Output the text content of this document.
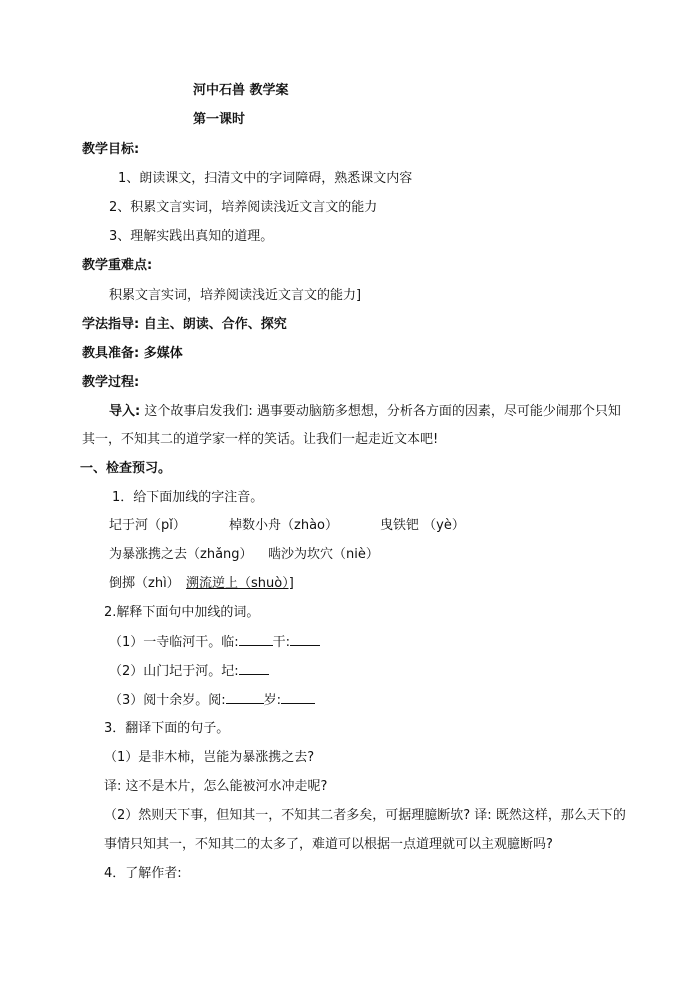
河中石兽 教学案
第一课时
教学目标:
1、朗读课文，扫清文中的字词障碍，熟悉课文内容
2、积累文言实词，培养阅读浅近文言文的能力
3、理解实践出真知的道理。
教学重难点:
积累文言实词，培养阅读浅近文言文的能力]
学法指导: 自主、朗读、合作、探究
教具准备: 多媒体
教学过程:
导入: 这个故事启发我们: 遇事要动脑筋多想想，分析各方面的因素，尽可能少闹那个只知
其一，不知其二的道学家一样的笑话。让我们一起走近文本吧!
一、检查预习。
1．给下面加线的字注音。
圮于河（pǐ）	棹数小舟（zhào）	曳铁钯 （yè）
为暴涨携之去（zhǎng） 啮沙为坎穴（niè）
倒掷（zhì） 溯流逆上（shuò）]
2.解释下面句中加线的词。
（1）一寺临河干。临:	干:
（2）山门圮于河。圮:
（3）阅十余岁。阅:	岁:
3．翻译下面的句子。
（1）是非木柿，岂能为暴涨携之去?
译: 这不是木片，怎么能被河水冲走呢?
（2）然则天下事，但知其一，不知其二者多矣，可据理臆断欤? 译: 既然这样，那么天下的
事情只知其一，不知其二的太多了，难道可以根据一点道理就可以主观臆断吗?
4．了解作者:
